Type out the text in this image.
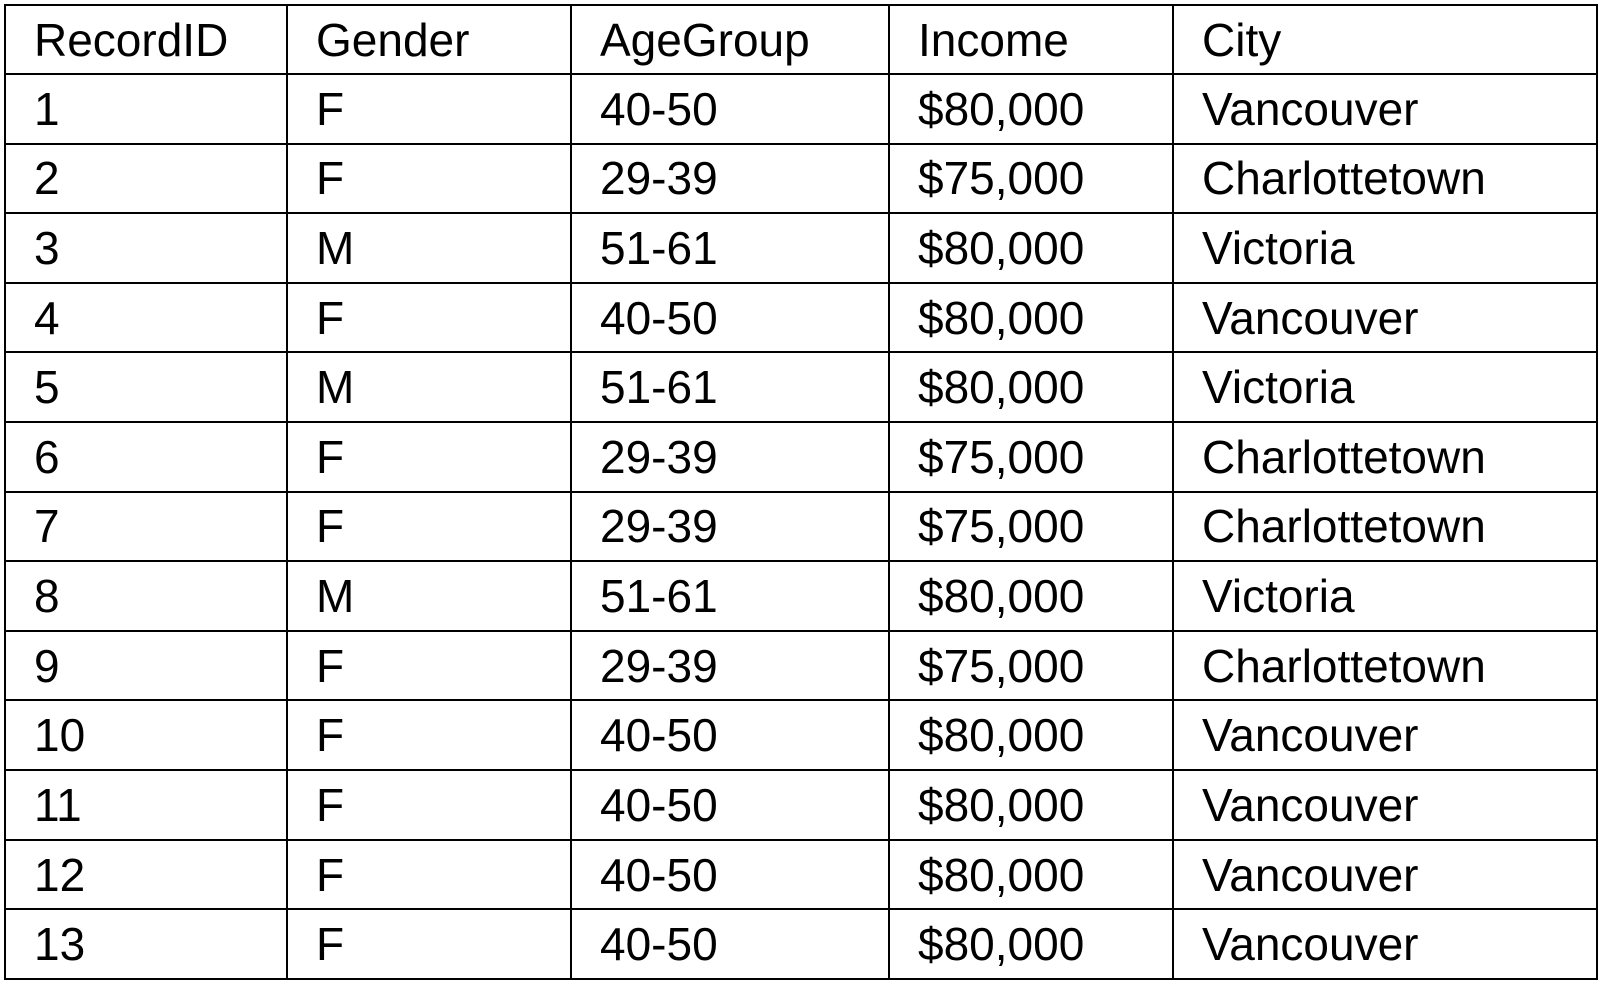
RecordID	Gender	AgeGroup	Income	City
1	F	40-50	$80,000	Vancouver
2	F	29-39	$75,000	Charlottetown
3	M	51-61	$80,000	Victoria
4	F	40-50	$80,000	Vancouver
5	M	51-61	$80,000	Victoria
6	F	29-39	$75,000	Charlottetown
7	F	29-39	$75,000	Charlottetown
8	M	51-61	$80,000	Victoria
9	F	29-39	$75,000	Charlottetown
10	F	40-50	$80,000	Vancouver
11	F	40-50	$80,000	Vancouver
12	F	40-50	$80,000	Vancouver
13	F	40-50	$80,000	Vancouver
